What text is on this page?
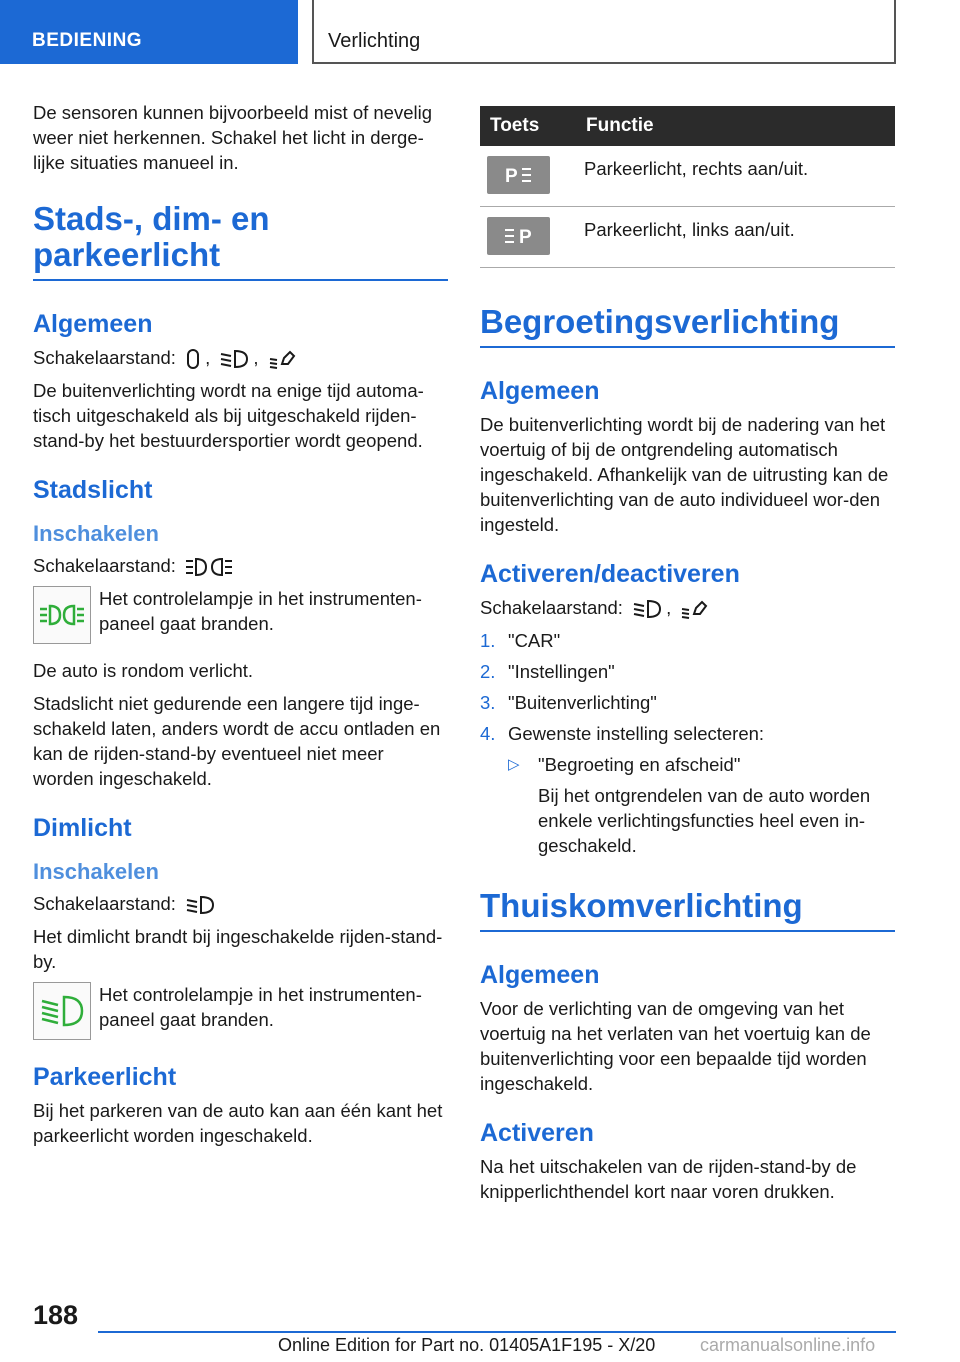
BEDIENING	Verlichting

De sensoren kunnen bijvoorbeeld mist of nevelig weer niet herkennen. Schakel het licht in derge-lijke situaties manueel in.

Stads-, dim- en parkeerlicht
Algemeen

Schakelaarstand: , ,

De buitenverlichting wordt na enige tijd automa-tisch uitgeschakeld als bij uitgeschakeld rijden-stand-by het bestuurdersportier wordt geopend.

Stadslicht
Inschakelen

Schakelaarstand:

Het controlelampje in het instrumenten-paneel gaat branden.

De auto is rondom verlicht.

Stadslicht niet gedurende een langere tijd inge-schakeld laten, anders wordt de accu ontladen en kan de rijden-stand-by eventueel niet meer worden ingeschakeld.

Dimlicht
Inschakelen

Schakelaarstand:

Het dimlicht brandt bij ingeschakelde rijden-stand-by.

Het controlelampje in het instrumenten-paneel gaat branden.
Parkeerlicht

Bij het parkeren van de auto kan aan één kant het parkeerlicht worden ingeschakeld.

Toets	Functie

P	Parkeerlicht, rechts aan/uit.

P	Parkeerlicht, links aan/uit.
Begroetingsverlichting
Algemeen

De buitenverlichting wordt bij de nadering van het voertuig of bij de ontgrendeling automatisch ingeschakeld. Afhankelijk van de uitrusting kan de buitenverlichting van de auto individueel wor-den ingesteld.

Activeren/deactiveren

Schakelaarstand: ,

1. "CAR"
2. "Instellingen"
3. "Buitenverlichting"
4. Gewenste instelling selecteren:
▷ "Begroeting en afscheid"
Bij het ontgrendelen van de auto worden enkele verlichtingsfuncties heel even in-geschakeld.
Thuiskomverlichting
Algemeen

Voor de verlichting van de omgeving van het voertuig na het verlaten van het voertuig kan de buitenverlichting voor een bepaalde tijd worden ingeschakeld.

Activeren

Na het uitschakelen van de rijden-stand-by de knipperlichthendel kort naar voren drukken.

188
Online Edition for Part no. 01405A1F195 - X/20 carmanualsonline.info
